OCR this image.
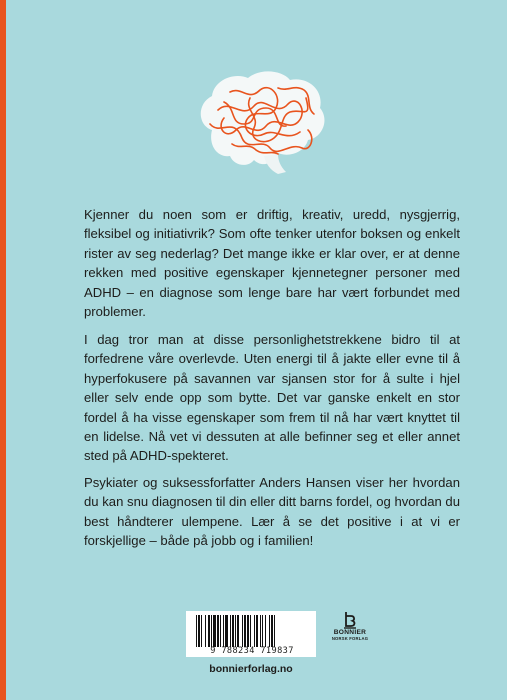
Kjenner du noen som er driftig, kreativ, uredd, nysgjerrig, fleksibel og initiativrik? Som ofte tenker utenfor boksen og enkelt rister av seg nederlag? Det mange ikke er klar over, er at denne rekken med positive egenskaper kjennetegner personer med ADHD – en diagnose som lenge bare har vært forbundet med problemer.

I dag tror man at disse personlighetstrekkene bidro til at forfedrene våre overlevde. Uten energi til å jakte eller evne til å hyperfokusere på savannen var sjansen stor for å sulte i hjel eller selv ende opp som bytte. Det var ganske enkelt en stor fordel å ha visse egenskaper som frem til nå har vært knyttet til en lidelse. Nå vet vi dessuten at alle befinner seg et eller annet sted på ADHD-spekteret.

Psykiater og suksessforfatter Anders Hansen viser her hvordan du kan snu diagnosen til din eller ditt barns fordel, og hvordan du best håndterer ulempene. Lær å se det positive i at vi er forskjellige – både på jobb og i familien!

9 788234 719837
BONNIER
NORSK FORLAG
bonnierforlag.no
